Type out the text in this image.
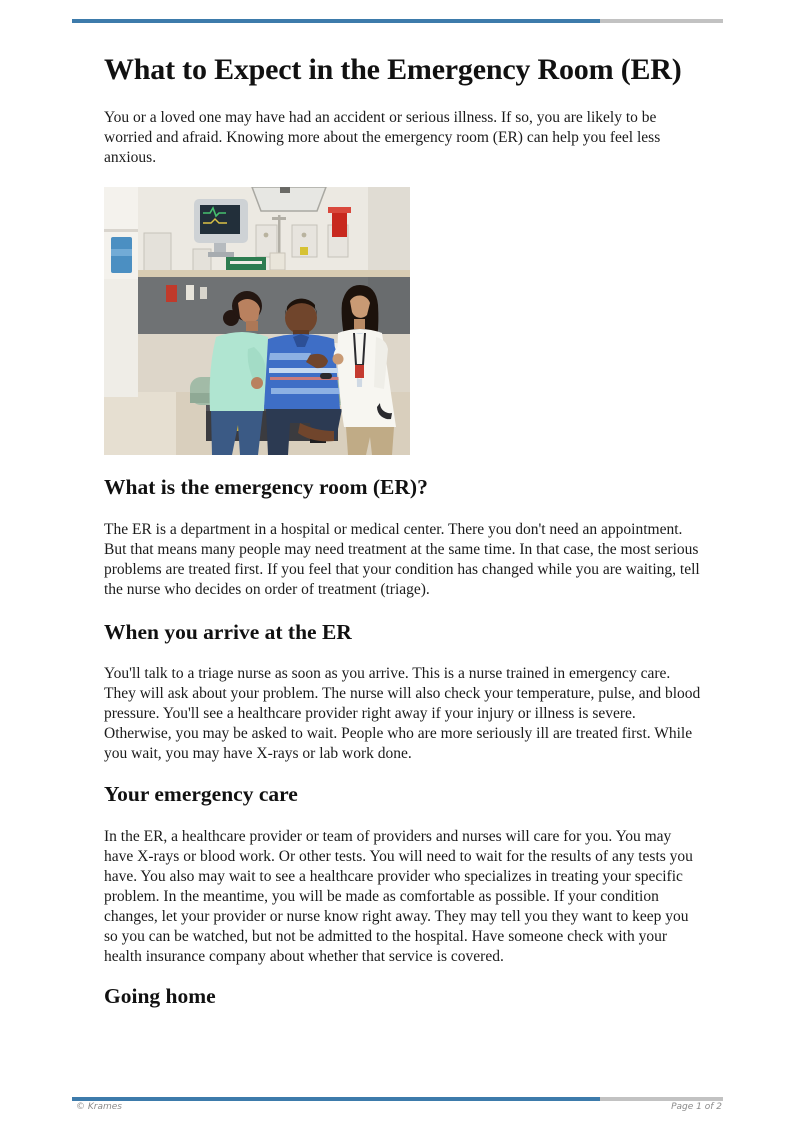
What to Expect in the Emergency Room (ER)

You or a loved one may have had an accident or serious illness. If so, you are likely to be worried and afraid. Knowing more about the emergency room (ER) can help you feel less anxious.

What is the emergency room (ER)?

The ER is a department in a hospital or medical center. There you don't need an appointment. But that means many people may need treatment at the same time. In that case, the most serious problems are treated first. If you feel that your condition has changed while you are waiting, tell the nurse who decides on order of treatment (triage).

When you arrive at the ER

You'll talk to a triage nurse as soon as you arrive. This is a nurse trained in emergency care. They will ask about your problem. The nurse will also check your temperature, pulse, and blood pressure. You'll see a healthcare provider right away if your injury or illness is severe. Otherwise, you may be asked to wait. People who are more seriously ill are treated first. While you wait, you may have X-rays or lab work done.

Your emergency care

In the ER, a healthcare provider or team of providers and nurses will care for you. You may have X-rays or blood work. Or other tests. You will need to wait for the results of any tests you have. You also may wait to see a healthcare provider who specializes in treating your specific problem. In the meantime, you will be made as comfortable as possible. If your condition changes, let your provider or nurse know right away. They may tell you they want to keep you so you can be watched, but not be admitted to the hospital. Have someone check with your health insurance company about whether that service is covered.

Going home
© Krames	Page 1 of 2
